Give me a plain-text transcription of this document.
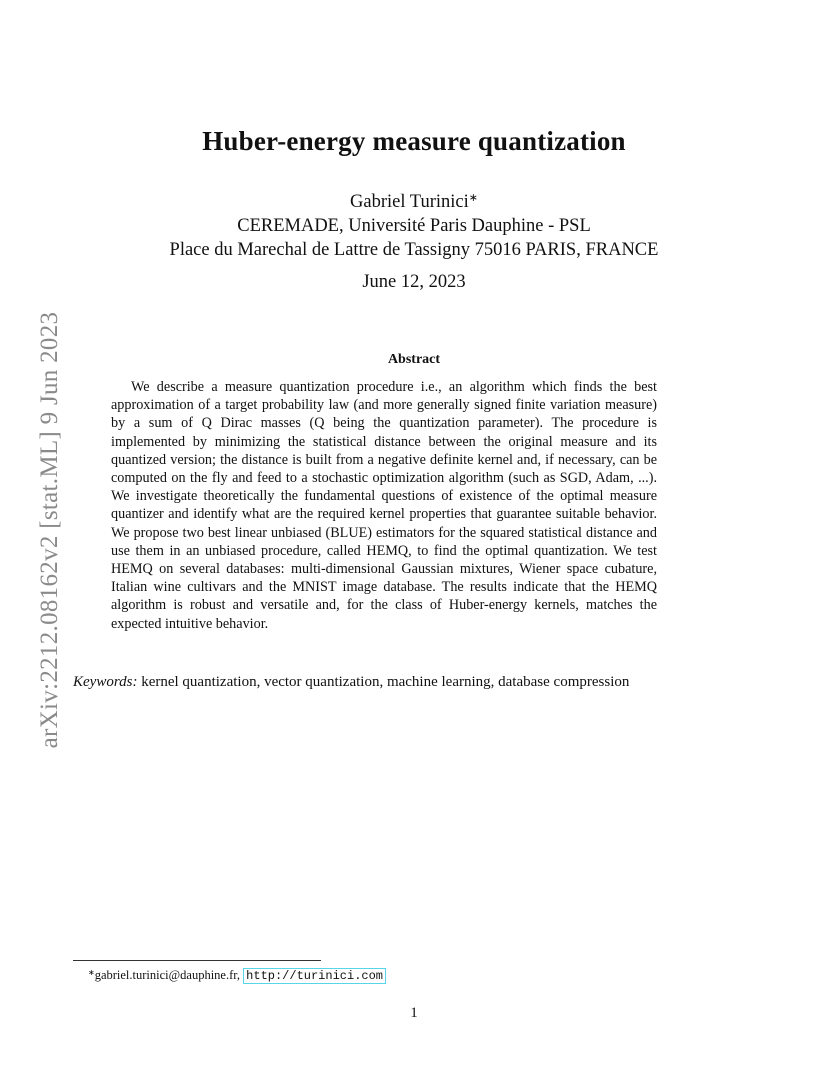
arXiv:2212.08162v2 [stat.ML] 9 Jun 2023
Huber-energy measure quantization
Gabriel Turinici∗
CEREMADE, Université Paris Dauphine - PSL
Place du Marechal de Lattre de Tassigny 75016 PARIS, FRANCE
June 12, 2023
Abstract

We describe a measure quantization procedure i.e., an algorithm which finds the best approximation of a target probability law (and more generally signed finite variation measure) by a sum of Q Dirac masses (Q being the quantization parameter). The procedure is implemented by minimizing the statistical distance between the original measure and its quantized version; the distance is built from a negative definite kernel and, if necessary, can be computed on the fly and feed to a stochastic optimization algorithm (such as SGD, Adam, ...). We investigate theoretically the fundamental questions of existence of the optimal measure quantizer and identify what are the required kernel properties that guarantee suitable behavior. We propose two best linear unbiased (BLUE) estimators for the squared statistical distance and use them in an unbiased procedure, called HEMQ, to find the optimal quantization. We test HEMQ on several databases: multi-dimensional Gaussian mixtures, Wiener space cubature, Italian wine cultivars and the MNIST image database. The results indicate that the HEMQ algorithm is robust and versatile and, for the class of Huber-energy kernels, matches the expected intuitive behavior.

Keywords: kernel quantization, vector quantization, machine learning, database compression

∗gabriel.turinici@dauphine.fr, http://turinici.com
1
